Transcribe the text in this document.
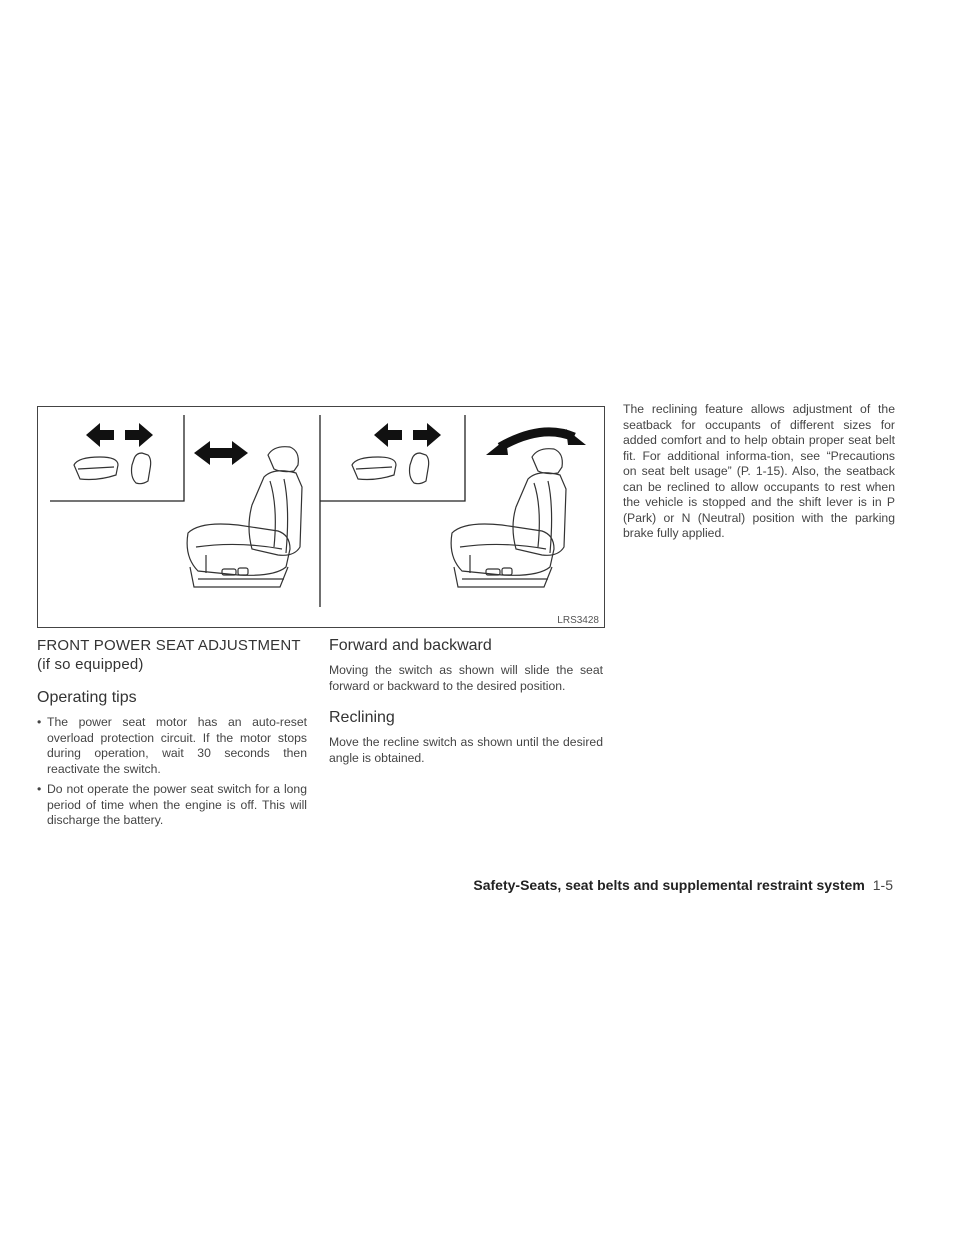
LRS3428
FRONT POWER SEAT ADJUSTMENT
(if so equipped)
Operating tips
• The power seat motor has an auto-reset overload protection circuit. If the motor stops during operation, wait 30 seconds then reactivate the switch.
• Do not operate the power seat switch for a long period of time when the engine is off. This will discharge the battery.
Forward and backward

Moving the switch as shown will slide the seat forward or backward to the desired position.

Reclining

Move the recline switch as shown until the desired angle is obtained.

The reclining feature allows adjustment of the seatback for occupants of different sizes for added comfort and to help obtain proper seat belt fit. For additional informa-tion, see “Precautions on seat belt usage” (P. 1-15). Also, the seatback can be reclined to allow occupants to rest when the vehicle is stopped and the shift lever is in P (Park) or N (Neutral) position with the parking brake fully applied.

Safety-Seats, seat belts and supplemental restraint system 1-5
